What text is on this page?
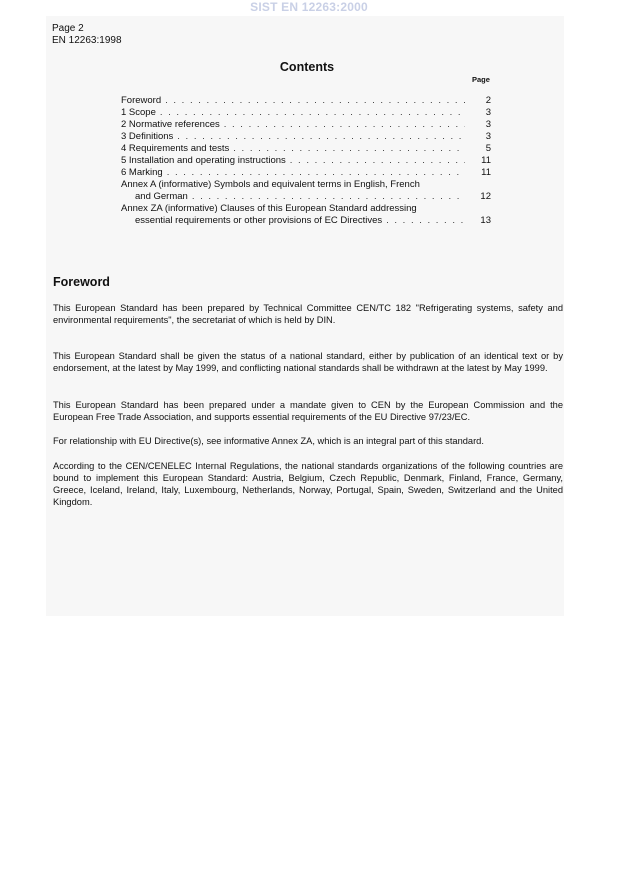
SIST EN 12263:2000
Page 2
EN 12263:1998
Contents
Page
Foreword . . .	2
1 Scope . . .	3
2 Normative references . . .	3
3 Definitions . . .	3
4 Requirements and tests . . .	5
5 Installation and operating instructions . . .	11
6 Marking . . .	11
Annex A (informative) Symbols and equivalent terms in English, French
and German . . .	12
Annex ZA (informative) Clauses of this European Standard addressing
essential requirements or other provisions of EC Directives . . .	13
Foreword

This European Standard has been prepared by Technical Committee CEN/TC 182 "Refrigerating systems, safety and environmental requirements", the secretariat of which is held by DIN.

This European Standard shall be given the status of a national standard, either by publication of an identical text or by endorsement, at the latest by May 1999, and conflicting national standards shall be withdrawn at the latest by May 1999.

This European Standard has been prepared under a mandate given to CEN by the European Commission and the European Free Trade Association, and supports essential requirements of the EU Directive 97/23/EC.

For relationship with EU Directive(s), see informative Annex ZA, which is an integral part of this standard.

According to the CEN/CENELEC Internal Regulations, the national standards organizations of the following countries are bound to implement this European Standard: Austria, Belgium, Czech Republic, Denmark, Finland, France, Germany, Greece, Iceland, Ireland, Italy, Luxembourg, Netherlands, Norway, Portugal, Spain, Sweden, Switzerland and the United Kingdom.
